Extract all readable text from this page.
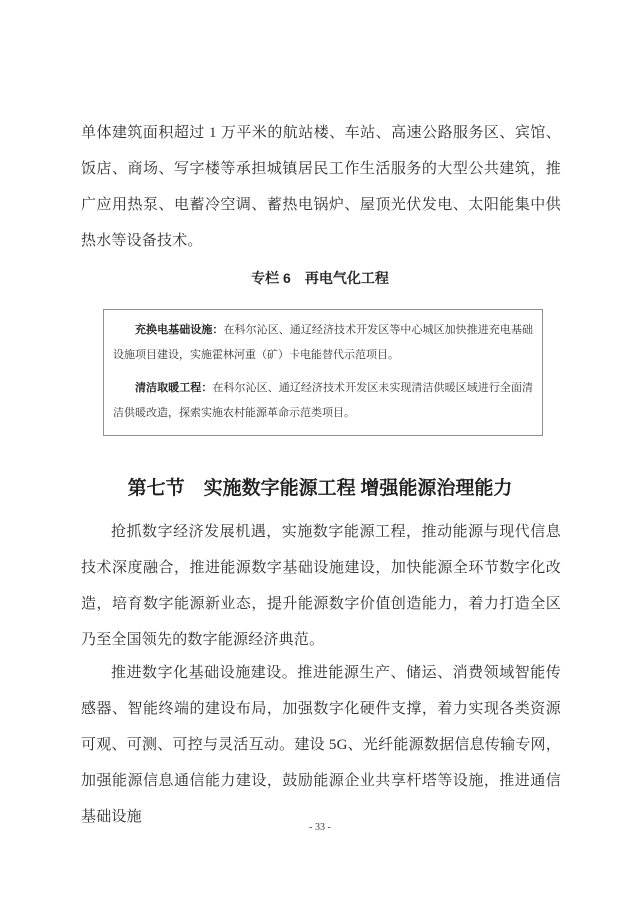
单体建筑面积超过 1 万平米的航站楼、车站、高速公路服务区、宾馆、饭店、商场、写字楼等承担城镇居民工作生活服务的大型公共建筑，推广应用热泵、电蓄冷空调、蓄热电锅炉、屋顶光伏发电、太阳能集中供热水等设备技术。

专栏 6　再电气化工程

充换电基础设施：在科尔沁区、通辽经济技术开发区等中心城区加快推进充电基础设施项目建设，实施霍林河重（矿）卡电能替代示范项目。

清洁取暖工程：在科尔沁区、通辽经济技术开发区未实现清洁供暖区域进行全面清洁供暖改造，探索实施农村能源革命示范类项目。

第七节　实施数字能源工程 增强能源治理能力

抢抓数字经济发展机遇，实施数字能源工程，推动能源与现代信息技术深度融合，推进能源数字基础设施建设，加快能源全环节数字化改造，培育数字能源新业态，提升能源数字价值创造能力，着力打造全区乃至全国领先的数字能源经济典范。

推进数字化基础设施建设。推进能源生产、储运、消费领域智能传感器、智能终端的建设布局，加强数字化硬件支撑，着力实现各类资源可观、可测、可控与灵活互动。建设 5G、光纤能源数据信息传输专网，加强能源信息通信能力建设，鼓励能源企业共享杆塔等设施，推进通信基础设施

- 33 -
